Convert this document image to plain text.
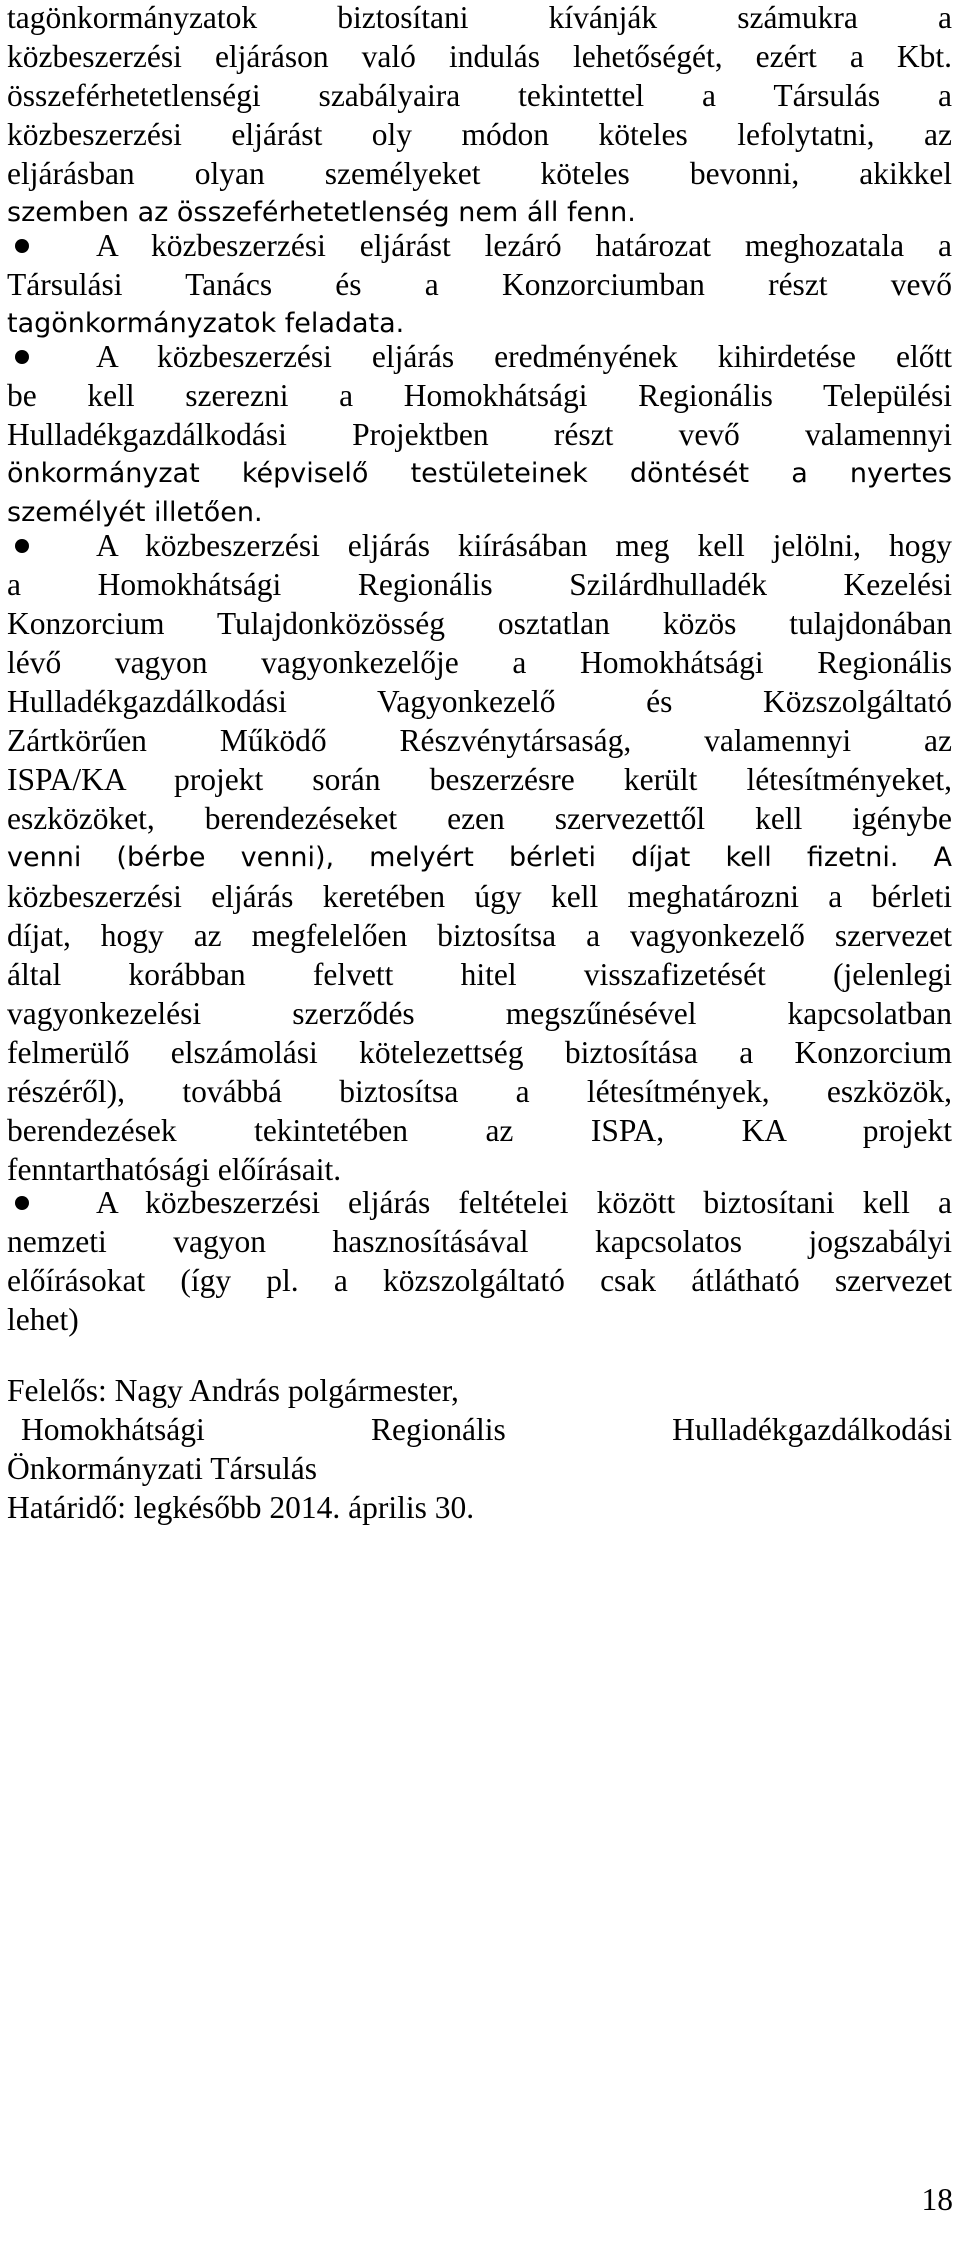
tagönkormányzatok biztosítani kívánják számukra a
közbeszerzési eljáráson való indulás lehetőségét, ezért a Kbt.
összeférhetetlenségi szabályaira tekintettel a Társulás a
közbeszerzési eljárást oly módon köteles lefolytatni, az
eljárásban olyan személyeket köteles bevonni, akikkel
szemben az összeférhetetlenség nem áll fenn.
A közbeszerzési eljárást lezáró határozat meghozatala a
Társulási Tanács és a Konzorciumban részt vevő
tagönkormányzatok feladata.
A közbeszerzési eljárás eredményének kihirdetése előtt
be kell szerezni a Homokhátsági Regionális Települési
Hulladékgazdálkodási Projektben részt vevő valamennyi
önkormányzat képviselő testületeinek döntését a nyertes
személyét illetően.
A közbeszerzési eljárás kiírásában meg kell jelölni, hogy
a Homokhátsági Regionális Szilárdhulladék Kezelési
Konzorcium Tulajdonközösség osztatlan közös tulajdonában
lévő vagyon vagyonkezelője a Homokhátsági Regionális
Hulladékgazdálkodási Vagyonkezelő és Közszolgáltató
Zártkörűen Működő Részvénytársaság, valamennyi az
ISPA/KA projekt során beszerzésre került létesítményeket,
eszközöket, berendezéseket ezen szervezettől kell igénybe
venni (bérbe venni), melyért bérleti díjat kell fizetni. A
közbeszerzési eljárás keretében úgy kell meghatározni a bérleti
díjat, hogy az megfelelően biztosítsa a vagyonkezelő szervezet
által korábban felvett hitel visszafizetését (jelenlegi
vagyonkezelési szerződés megszűnésével kapcsolatban
felmerülő elszámolási kötelezettség biztosítása a Konzorcium
részéről), továbbá biztosítsa a létesítmények, eszközök,
berendezések tekintetében az ISPA, KA projekt
fenntarthatósági előírásait.
A közbeszerzési eljárás feltételei között biztosítani kell a
nemzeti vagyon hasznosításával kapcsolatos jogszabályi
előírásokat (így pl. a közszolgáltató csak átlátható szervezet
lehet)
Felelős: Nagy András polgármester,
Homokhátsági Regionális Hulladékgazdálkodási
Önkormányzati Társulás
Határidő: legkésőbb 2014. április 30.
18
